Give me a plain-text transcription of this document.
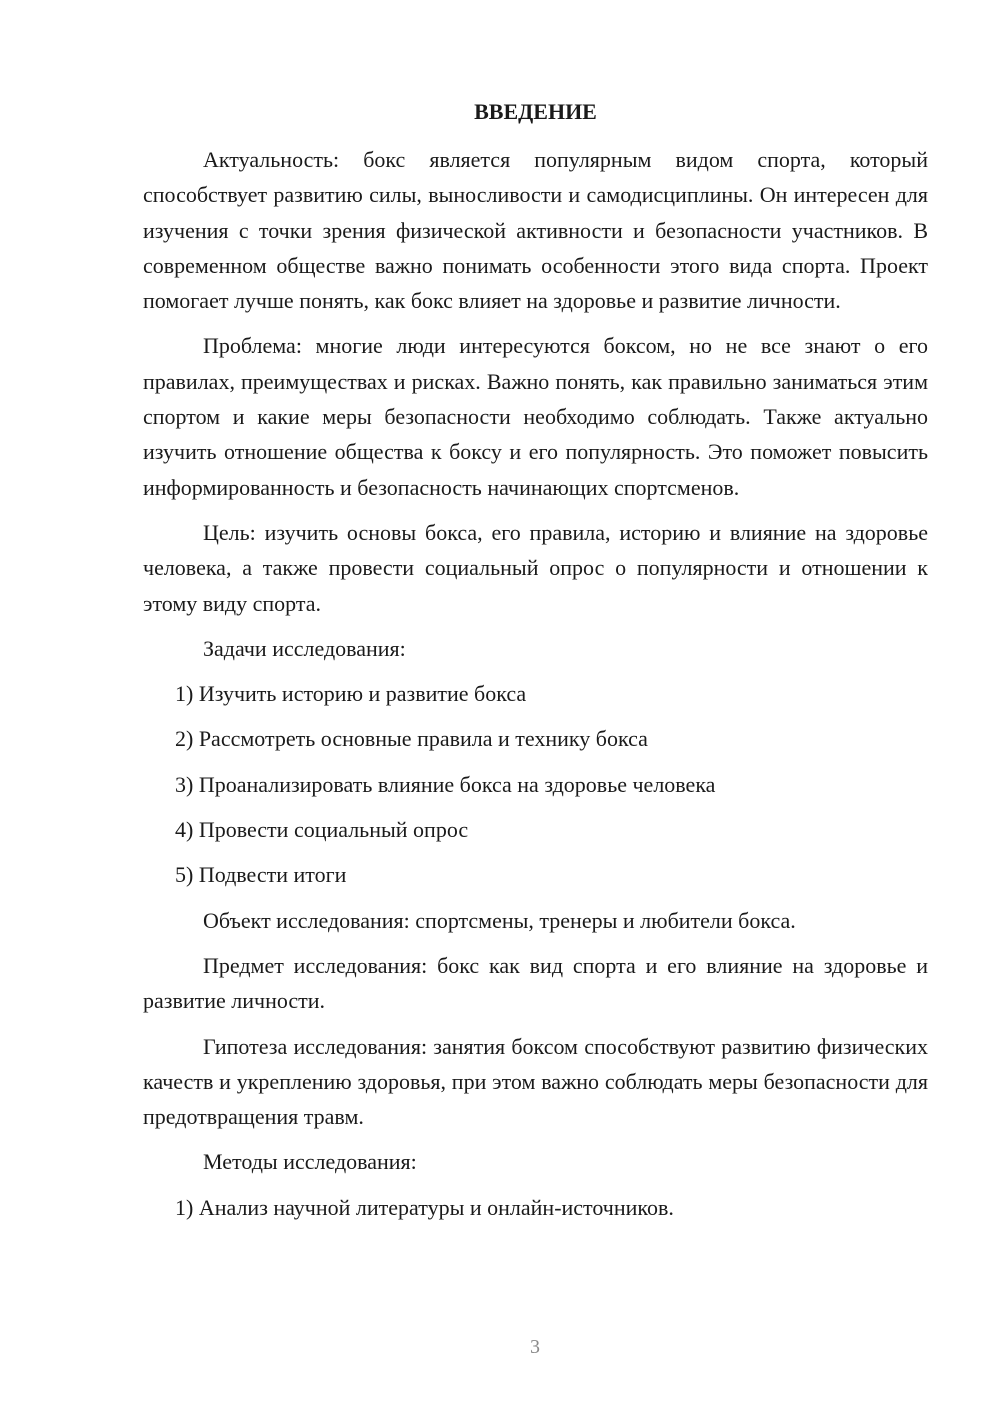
ВВЕДЕНИЕ

Актуальность: бокс является популярным видом спорта, который способствует развитию силы, выносливости и самодисциплины. Он интересен для изучения с точки зрения физической активности и безопасности участников. В современном обществе важно понимать особенности этого вида спорта. Проект помогает лучше понять, как бокс влияет на здоровье и развитие личности.

Проблема: многие люди интересуются боксом, но не все знают о его правилах, преимуществах и рисках. Важно понять, как правильно заниматься этим спортом и какие меры безопасности необходимо соблюдать. Также актуально изучить отношение общества к боксу и его популярность. Это поможет повысить информированность и безопасность начинающих спортсменов.

Цель: изучить основы бокса, его правила, историю и влияние на здоровье человека, а также провести социальный опрос о популярности и отношении к этому виду спорта.

Задачи исследования:

1) Изучить историю и развитие бокса

2) Рассмотреть основные правила и технику бокса

3) Проанализировать влияние бокса на здоровье человека

4) Провести социальный опрос

5) Подвести итоги

Объект исследования: спортсмены, тренеры и любители бокса.

Предмет исследования: бокс как вид спорта и его влияние на здоровье и развитие личности.

Гипотеза исследования: занятия боксом способствуют развитию физических качеств и укреплению здоровья, при этом важно соблюдать меры безопасности для предотвращения травм.

Методы исследования:

1) Анализ научной литературы и онлайн-источников.

3
